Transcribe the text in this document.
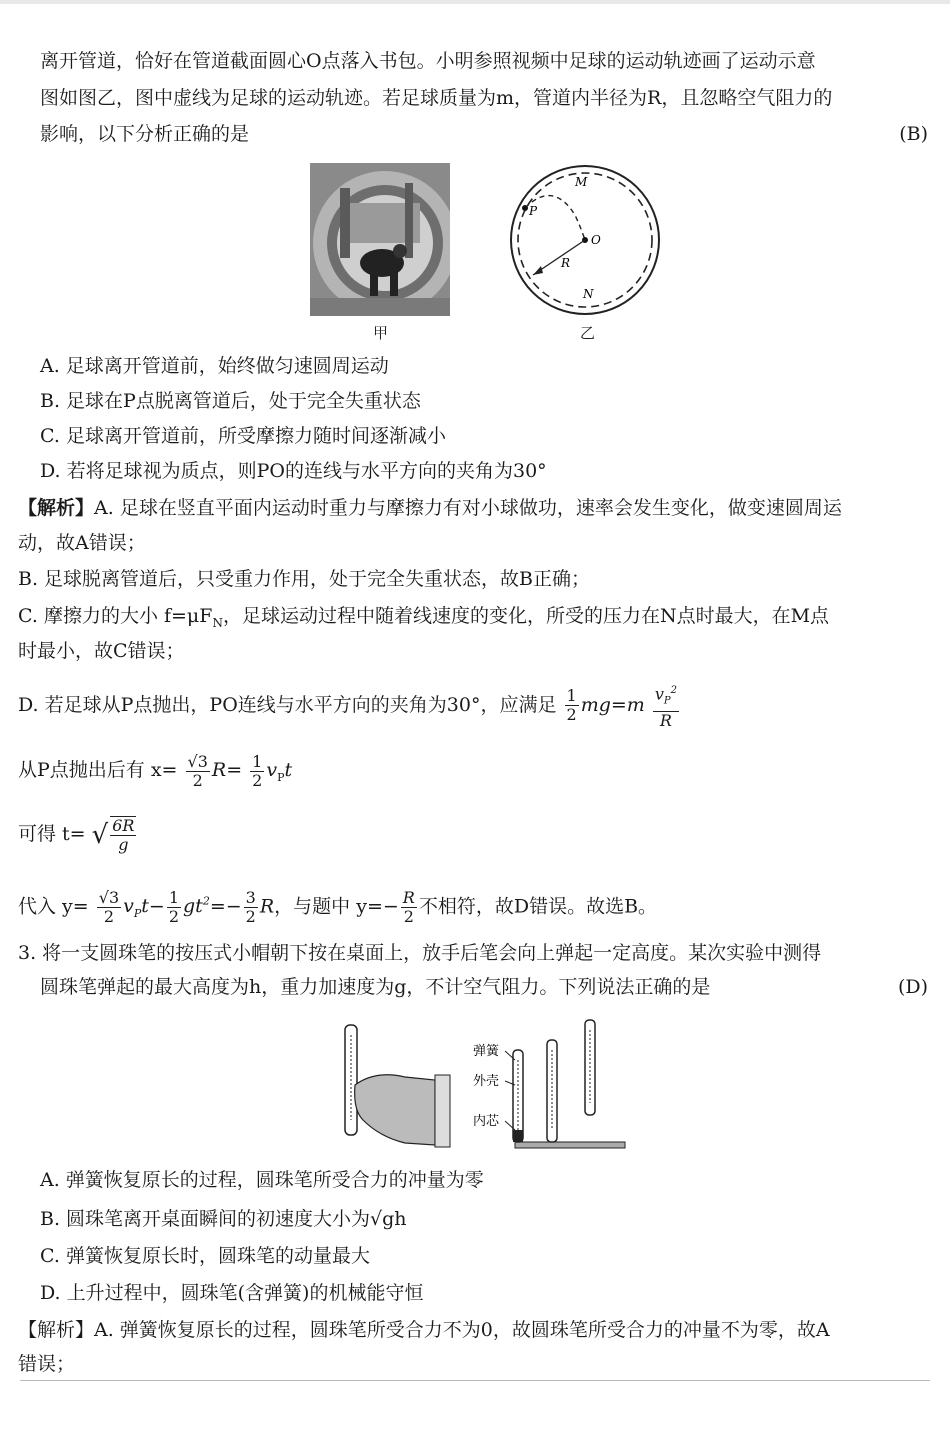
离开管道，恰好在管道截面圆心O点落入书包。小明参照视频中足球的运动轨迹画了运动示意
图如图乙，图中虚线为足球的运动轨迹。若足球质量为m，管道内半径为R，且忽略空气阻力的
影响，以下分析正确的是	(B)
甲
M
P
O
R
N
乙
A. 足球离开管道前，始终做匀速圆周运动
B. 足球在P点脱离管道后，处于完全失重状态
C. 足球离开管道前，所受摩擦力随时间逐渐减小
D. 若将足球视为质点，则PO的连线与水平方向的夹角为30°
【解析】A. 足球在竖直平面内运动时重力与摩擦力有对小球做功，速率会发生变化，做变速圆周运
动，故A错误；
B. 足球脱离管道后，只受重力作用，处于完全失重状态，故B正确；
C. 摩擦力的大小 $f=\mu F_N$，足球运动过程中随着线速度的变化，所受的压力在N点时最大，在M点
时最小，故C错误；
D. 若足球从P点抛出，PO连线与水平方向的夹角为30°，应满足 $\frac{1}{2} mg=m \frac{v_P^2}{R}$
从P点抛出后有 $x= \frac{√3}{2} R= \frac{1}{2} v_Pt$
可得 t= √ $\frac{6R}{g}$
代入 $y= \frac{√3}{2} v_Pt- \frac{1}{2} gt^2=- \frac{3}{2}$ R，与题中 $y=- \frac{R}{2}$ 不相符，故D错误。故选B。
3. 将一支圆珠笔的按压式小帽朝下按在桌面上，放手后笔会向上弹起一定高度。某次实验中测得
圆珠笔弹起的最大高度为h，重力加速度为g，不计空气阻力。下列说法正确的是	(D)
弹簧
外壳
内芯
A. 弹簧恢复原长的过程，圆珠笔所受合力的冲量为零
B. 圆珠笔离开桌面瞬间的初速度大小为√gh
C. 弹簧恢复原长时，圆珠笔的动量最大
D. 上升过程中，圆珠笔(含弹簧)的机械能守恒
【解析】A. 弹簧恢复原长的过程，圆珠笔所受合力不为0，故圆珠笔所受合力的冲量不为零，故A
错误；
